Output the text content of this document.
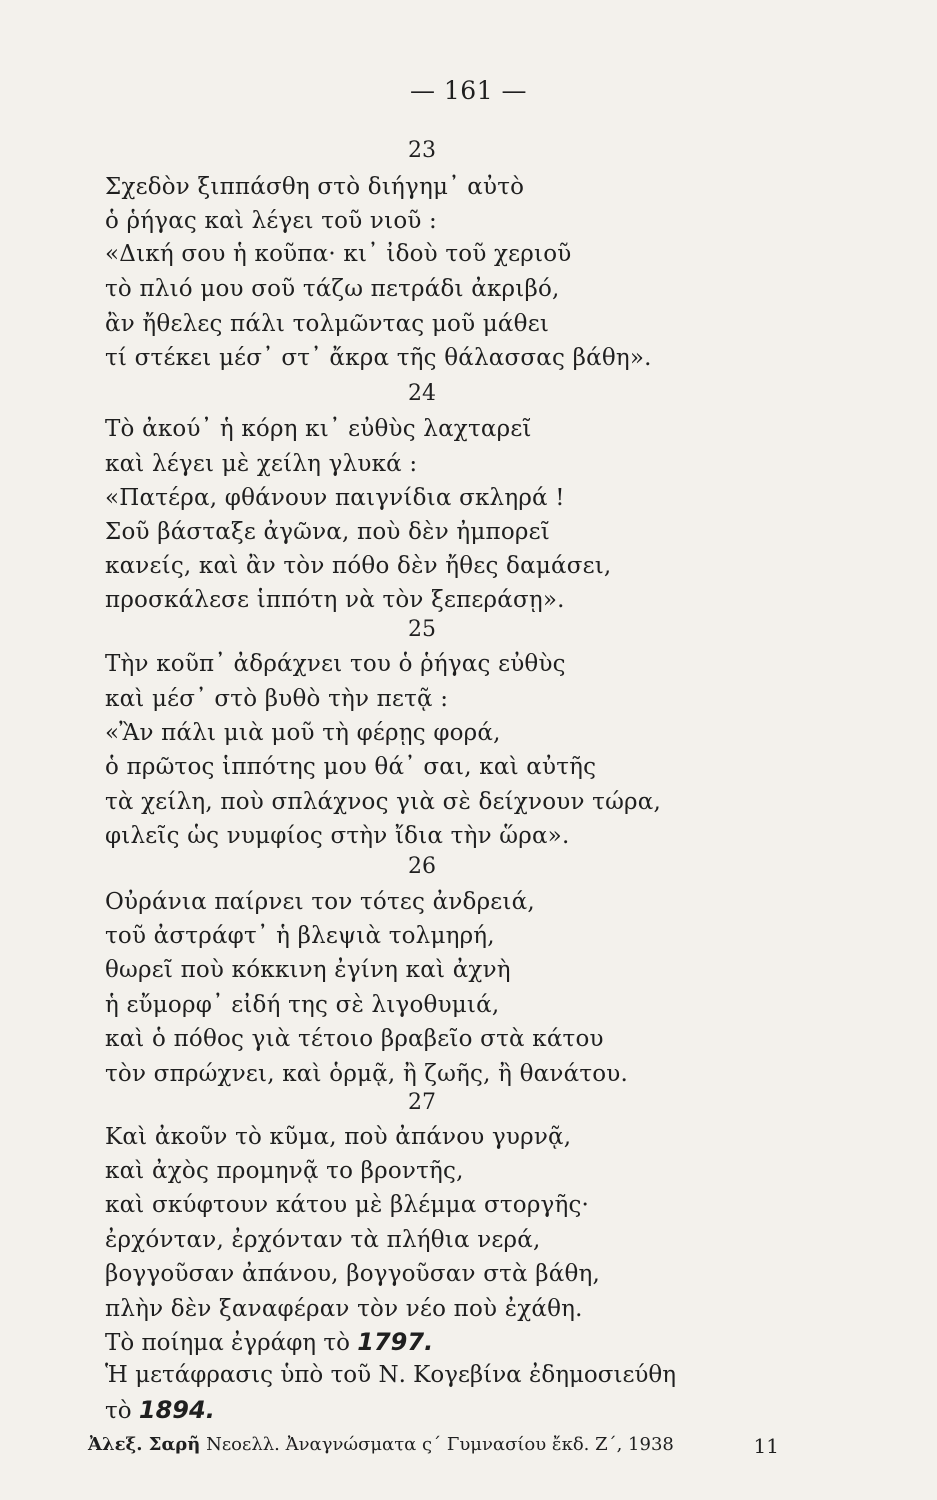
— 161 —
23
Σχεδὸν ξιππάσθη στὸ διήγημ᾿ αὐτὸ
ὁ ῥήγας καὶ λέγει τοῦ νιοῦ :
«Δική σου ἡ κοῦπα· κι᾿ ἰδοὺ τοῦ χεριοῦ
τὸ πλιό μου σοῦ τάζω πετράδι ἀκριβό,
ἂν ἤθελες πάλι τολμῶντας μοῦ μάθει
τί στέκει μέσ᾿ στ᾿ ἄκρα τῆς θάλασσας βάθη».
24
Τὸ ἀκού᾿ ἡ κόρη κι᾿ εὐθὺς λαχταρεῖ
καὶ λέγει μὲ χείλη γλυκά :
«Πατέρα, φθάνουν παιγνίδια σκληρά !
Σοῦ βάσταξε ἀγῶνα, ποὺ δὲν ἠμπορεῖ
κανείς, καὶ ἂν τὸν πόθο δὲν ἤθες δαμάσει,
προσκάλεσε ἱππότη νὰ τὸν ξεπεράσῃ».
25
Τὴν κοῦπ᾿ ἀδράχνει του ὁ ῥήγας εὐθὺς
καὶ μέσ᾿ στὸ βυθὸ τὴν πετᾷ :
«Ἂν πάλι μιὰ μοῦ τὴ φέρῃς φορά,
ὁ πρῶτος ἱππότης μου θά᾿ σαι, καὶ αὐτῆς
τὰ χείλη, ποὺ σπλάχνος γιὰ σὲ δείχνουν τώρα,
φιλεῖς ὡς νυμφίος στὴν ἴδια τὴν ὥρα».
26
Οὐράνια παίρνει τον τότες ἀνδρειά,
τοῦ ἀστράφτ᾿ ἡ βλεψιὰ τολμηρή,
θωρεῖ ποὺ κόκκινη ἐγίνη καὶ ἀχνὴ
ἡ εὔμορφ᾿ εἰδή της σὲ λιγοθυμιά,
καὶ ὁ πόθος γιὰ τέτοιο βραβεῖο στὰ κάτου
τὸν σπρώχνει, καὶ ὁρμᾷ, ἢ ζωῆς, ἢ θανάτου.
27
Καὶ ἀκοῦν τὸ κῦμα, ποὺ ἀπάνου γυρνᾷ,
καὶ ἀχὸς προμηνᾷ το βροντῆς,
καὶ σκύφτουν κάτου μὲ βλέμμα στοργῆς·
ἐρχόνταν, ἐρχόνταν τὰ πλήθια νερά,
βογγοῦσαν ἀπάνου, βογγοῦσαν στὰ βάθη,
πλὴν δὲν ξαναφέραν τὸν νέο ποὺ ἐχάθη.
Τὸ ποίημα ἐγράφη τὸ 1797.
Ἡ μετάφρασις ὑπὸ τοῦ Ν. Κογεβίνα ἐδημοσιεύθη
τὸ 1894.
Ἀλεξ. Σαρῆ Νεοελλ. Ἀναγνώσματα ς΄ Γυμνασίου ἔκδ. Ζ΄, 1938	11
